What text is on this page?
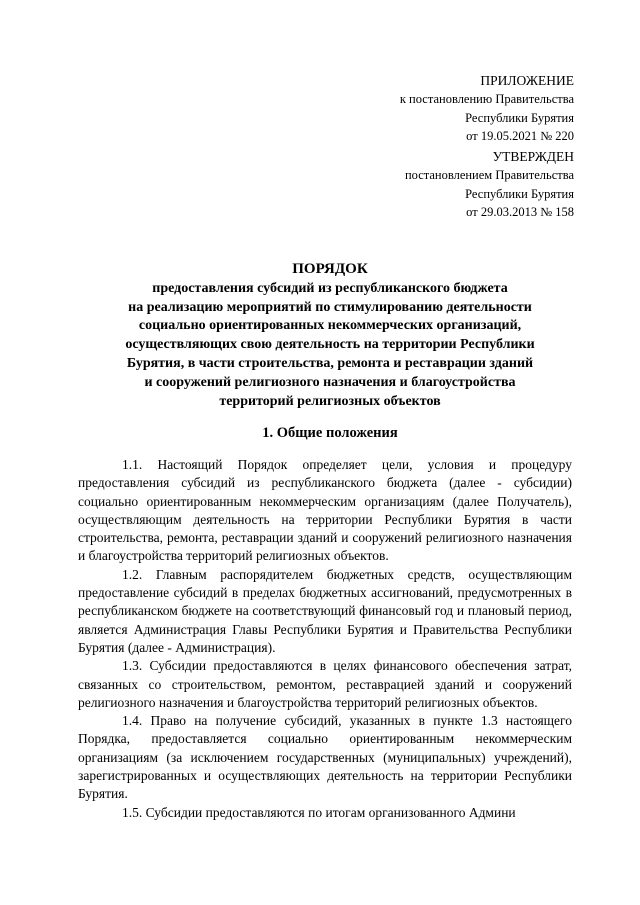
ПРИЛОЖЕНИЕ
к постановлению Правительства
Республики Бурятия
от 19.05.2021 № 220
УТВЕРЖДЕН
постановлением Правительства
Республики Бурятия
от 29.03.2013 № 158
ПОРЯДОК
предоставления субсидий из республиканского бюджета
на реализацию мероприятий по стимулированию деятельности
социально ориентированных некоммерческих организаций,
осуществляющих свою деятельность на территории Республики
Бурятия, в части строительства, ремонта и реставрации зданий
и сооружений религиозного назначения и благоустройства
территорий религиозных объектов
1. Общие положения

1.1. Настоящий Порядок определяет цели, условия и процедуру предоставления субсидий из республиканского бюджета (далее - субсидии) социально ориентированным некоммерческим организациям (далее Получатель), осуществляющим деятельность на территории Республики Бурятия в части строительства, ремонта, реставрации зданий и сооружений религиозного назначения и благоустройства территорий религиозных объектов.

1.2. Главным распорядителем бюджетных средств, осуществляющим предоставление субсидий в пределах бюджетных ассигнований, предусмотренных в республиканском бюджете на соответствующий финансовый год и плановый период, является Администрация Главы Республики Бурятия и Правительства Республики Бурятия (далее - Администрация).

1.3. Субсидии предоставляются в целях финансового обеспечения затрат, связанных со строительством, ремонтом, реставрацией зданий и сооружений религиозного назначения и благоустройства территорий религиозных объектов.

1.4. Право на получение субсидий, указанных в пункте 1.3 настоящего Порядка, предоставляется социально ориентированным некоммерческим организациям (за исключением государственных (муниципальных) учреждений), зарегистрированных и осуществляющих деятельность на территории Республики Бурятия.

1.5. Субсидии предоставляются по итогам организованного Админи
